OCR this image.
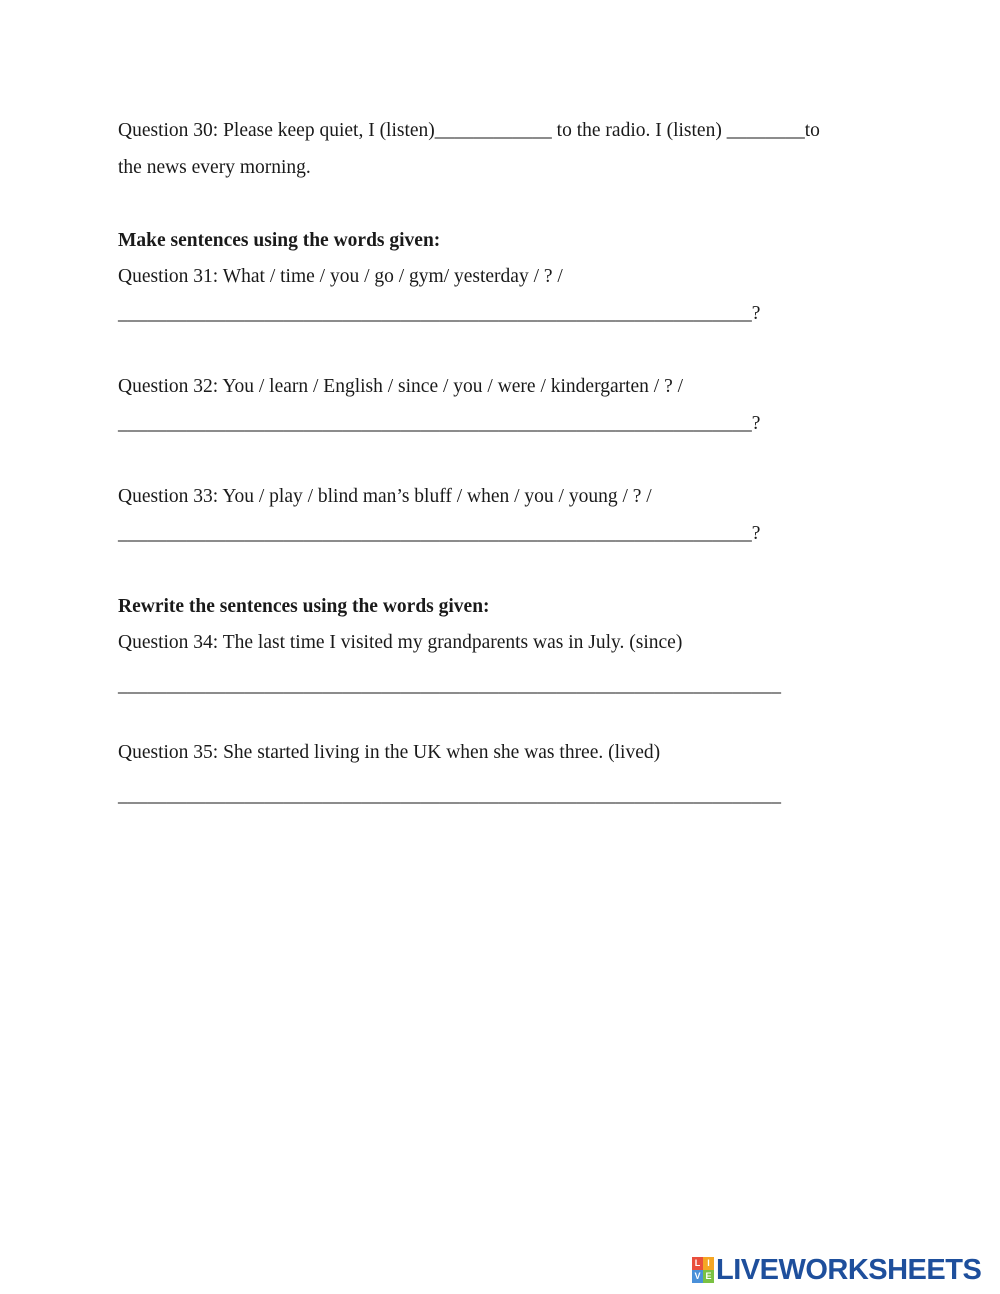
Question 30: Please keep quiet, I (listen)____________ to the radio. I (listen) ________to
the news every morning.
Make sentences using the words given:
Question 31: What / time / you / go / gym/ yesterday / ? /
_________________________________________________________________?
Question 32: You / learn / English / since / you / were / kindergarten / ? /
_________________________________________________________________?
Question 33: You / play / blind man’s bluff / when / you / young / ? /
_________________________________________________________________?
Rewrite the sentences using the words given:
Question 34: The last time I visited my grandparents was in July. (since)
____________________________________________________________________
Question 35: She started living in the UK when she was three. (lived)
____________________________________________________________________
L I
V E LIVEWORKSHEETS
